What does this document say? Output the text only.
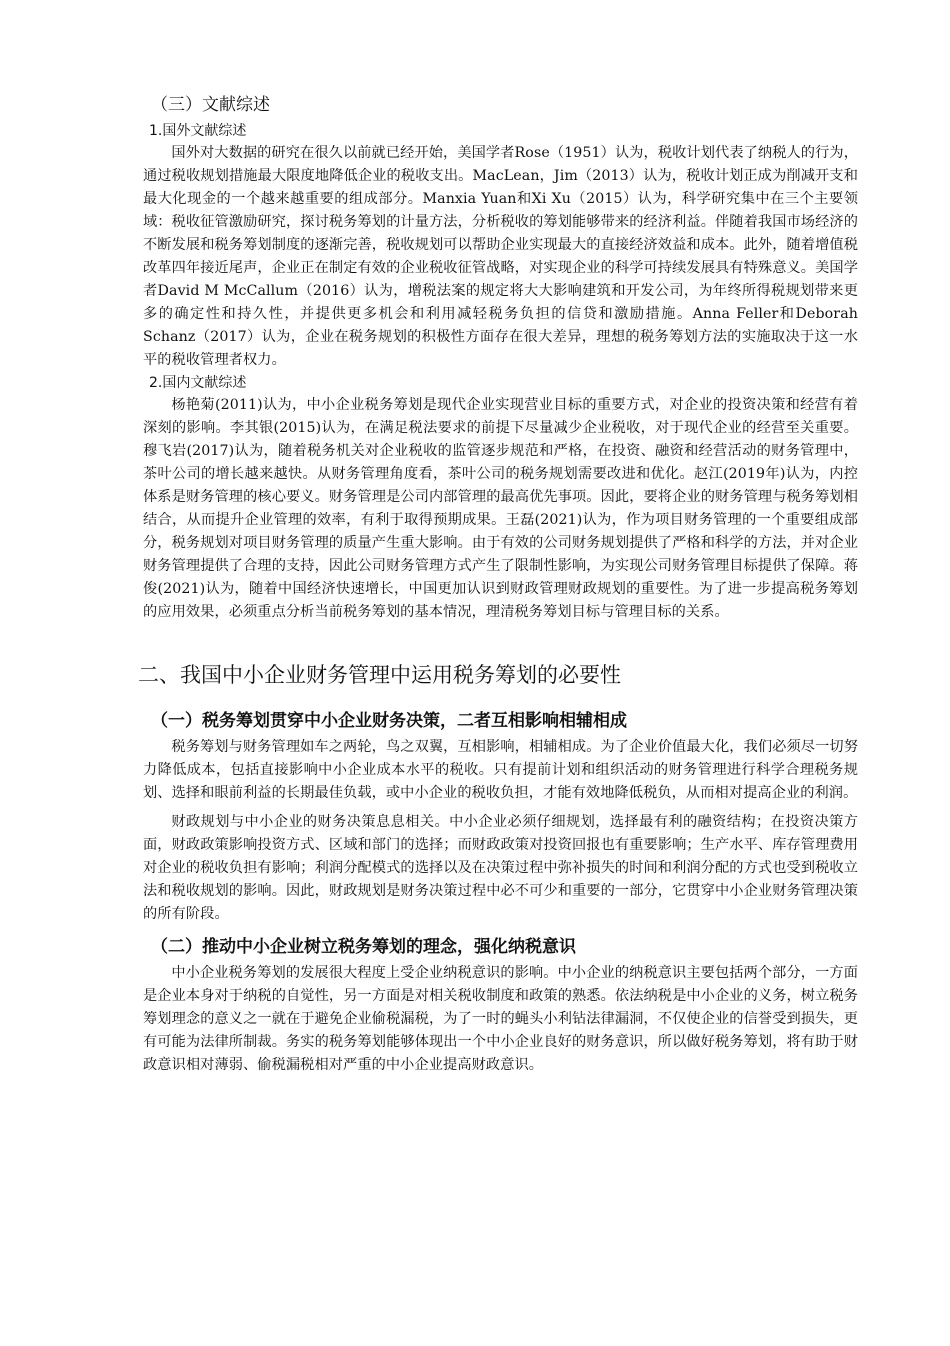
（三）文献综述
1.国外文献综述

国外对大数据的研究在很久以前就已经开始，美国学者Rose（1951）认为，税收计划代表了纳税人的行为，通过税收规划措施最大限度地降低企业的税收支出。MacLean，Jim（2013）认为，税收计划正成为削减开支和最大化现金的一个越来越重要的组成部分。Manxia Yuan和Xi Xu（2015）认为，科学研究集中在三个主要领域：税收征管激励研究，探讨税务筹划的计量方法，分析税收的筹划能够带来的经济利益。伴随着我国市场经济的不断发展和税务筹划制度的逐渐完善，税收规划可以帮助企业实现最大的直接经济效益和成本。此外，随着增值税改革四年接近尾声，企业正在制定有效的企业税收征管战略，对实现企业的科学可持续发展具有特殊意义。美国学者David M McCallum（2016）认为，增税法案的规定将大大影响建筑和开发公司，为年终所得税规划带来更多的确定性和持久性，并提供更多机会和利用减轻税务负担的信贷和激励措施。Anna Feller和Deborah Schanz（2017）认为，企业在税务规划的积极性方面存在很大差异，理想的税务筹划方法的实施取决于这一水平的税收管理者权力。

2.国内文献综述

杨艳菊(2011)认为，中小企业税务筹划是现代企业实现营业目标的重要方式，对企业的投资决策和经营有着深刻的影响。李其银(2015)认为，在满足税法要求的前提下尽量减少企业税收，对于现代企业的经营至关重要。穆飞岩(2017)认为，随着税务机关对企业税收的监管逐步规范和严格，在投资、融资和经营活动的财务管理中，茶叶公司的增长越来越快。从财务管理角度看，茶叶公司的税务规划需要改进和优化。赵江(2019年)认为，内控体系是财务管理的核心要义。财务管理是公司内部管理的最高优先事项。因此，要将企业的财务管理与税务筹划相结合，从而提升企业管理的效率，有利于取得预期成果。王磊(2021)认为，作为项目财务管理的一个重要组成部分，税务规划对项目财务管理的质量产生重大影响。由于有效的公司财务规划提供了严格和科学的方法，并对企业财务管理提供了合理的支持，因此公司财务管理方式产生了限制性影响，为实现公司财务管理目标提供了保障。蒋俊(2021)认为，随着中国经济快速增长，中国更加认识到财政管理财政规划的重要性。为了进一步提高税务筹划的应用效果，必须重点分析当前税务筹划的基本情况，理清税务筹划目标与管理目标的关系。

二、我国中小企业财务管理中运用税务筹划的必要性
（一）税务筹划贯穿中小企业财务决策，二者互相影响相辅相成

税务筹划与财务管理如车之两轮，鸟之双翼，互相影响，相辅相成。为了企业价值最大化，我们必须尽一切努力降低成本，包括直接影响中小企业成本水平的税收。只有提前计划和组织活动的财务管理进行科学合理税务规划、选择和眼前利益的长期最佳负载，或中小企业的税收负担，才能有效地降低税负，从而相对提高企业的利润。

财政规划与中小企业的财务决策息息相关。中小企业必须仔细规划，选择最有利的融资结构；在投资决策方面，财政政策影响投资方式、区域和部门的选择；而财政政策对投资回报也有重要影响；生产水平、库存管理费用对企业的税收负担有影响；利润分配模式的选择以及在决策过程中弥补损失的时间和利润分配的方式也受到税收立法和税收规划的影响。因此，财政规划是财务决策过程中必不可少和重要的一部分，它贯穿中小企业财务管理决策的所有阶段。

（二）推动中小企业树立税务筹划的理念，强化纳税意识

中小企业税务筹划的发展很大程度上受企业纳税意识的影响。中小企业的纳税意识主要包括两个部分，一方面是企业本身对于纳税的自觉性，另一方面是对相关税收制度和政策的熟悉。依法纳税是中小企业的义务，树立税务筹划理念的意义之一就在于避免企业偷税漏税，为了一时的蝇头小利钻法律漏洞，不仅使企业的信誉受到损失，更有可能为法律所制裁。务实的税务筹划能够体现出一个中小企业良好的财务意识，所以做好税务筹划，将有助于财政意识相对薄弱、偷税漏税相对严重的中小企业提高财政意识。
